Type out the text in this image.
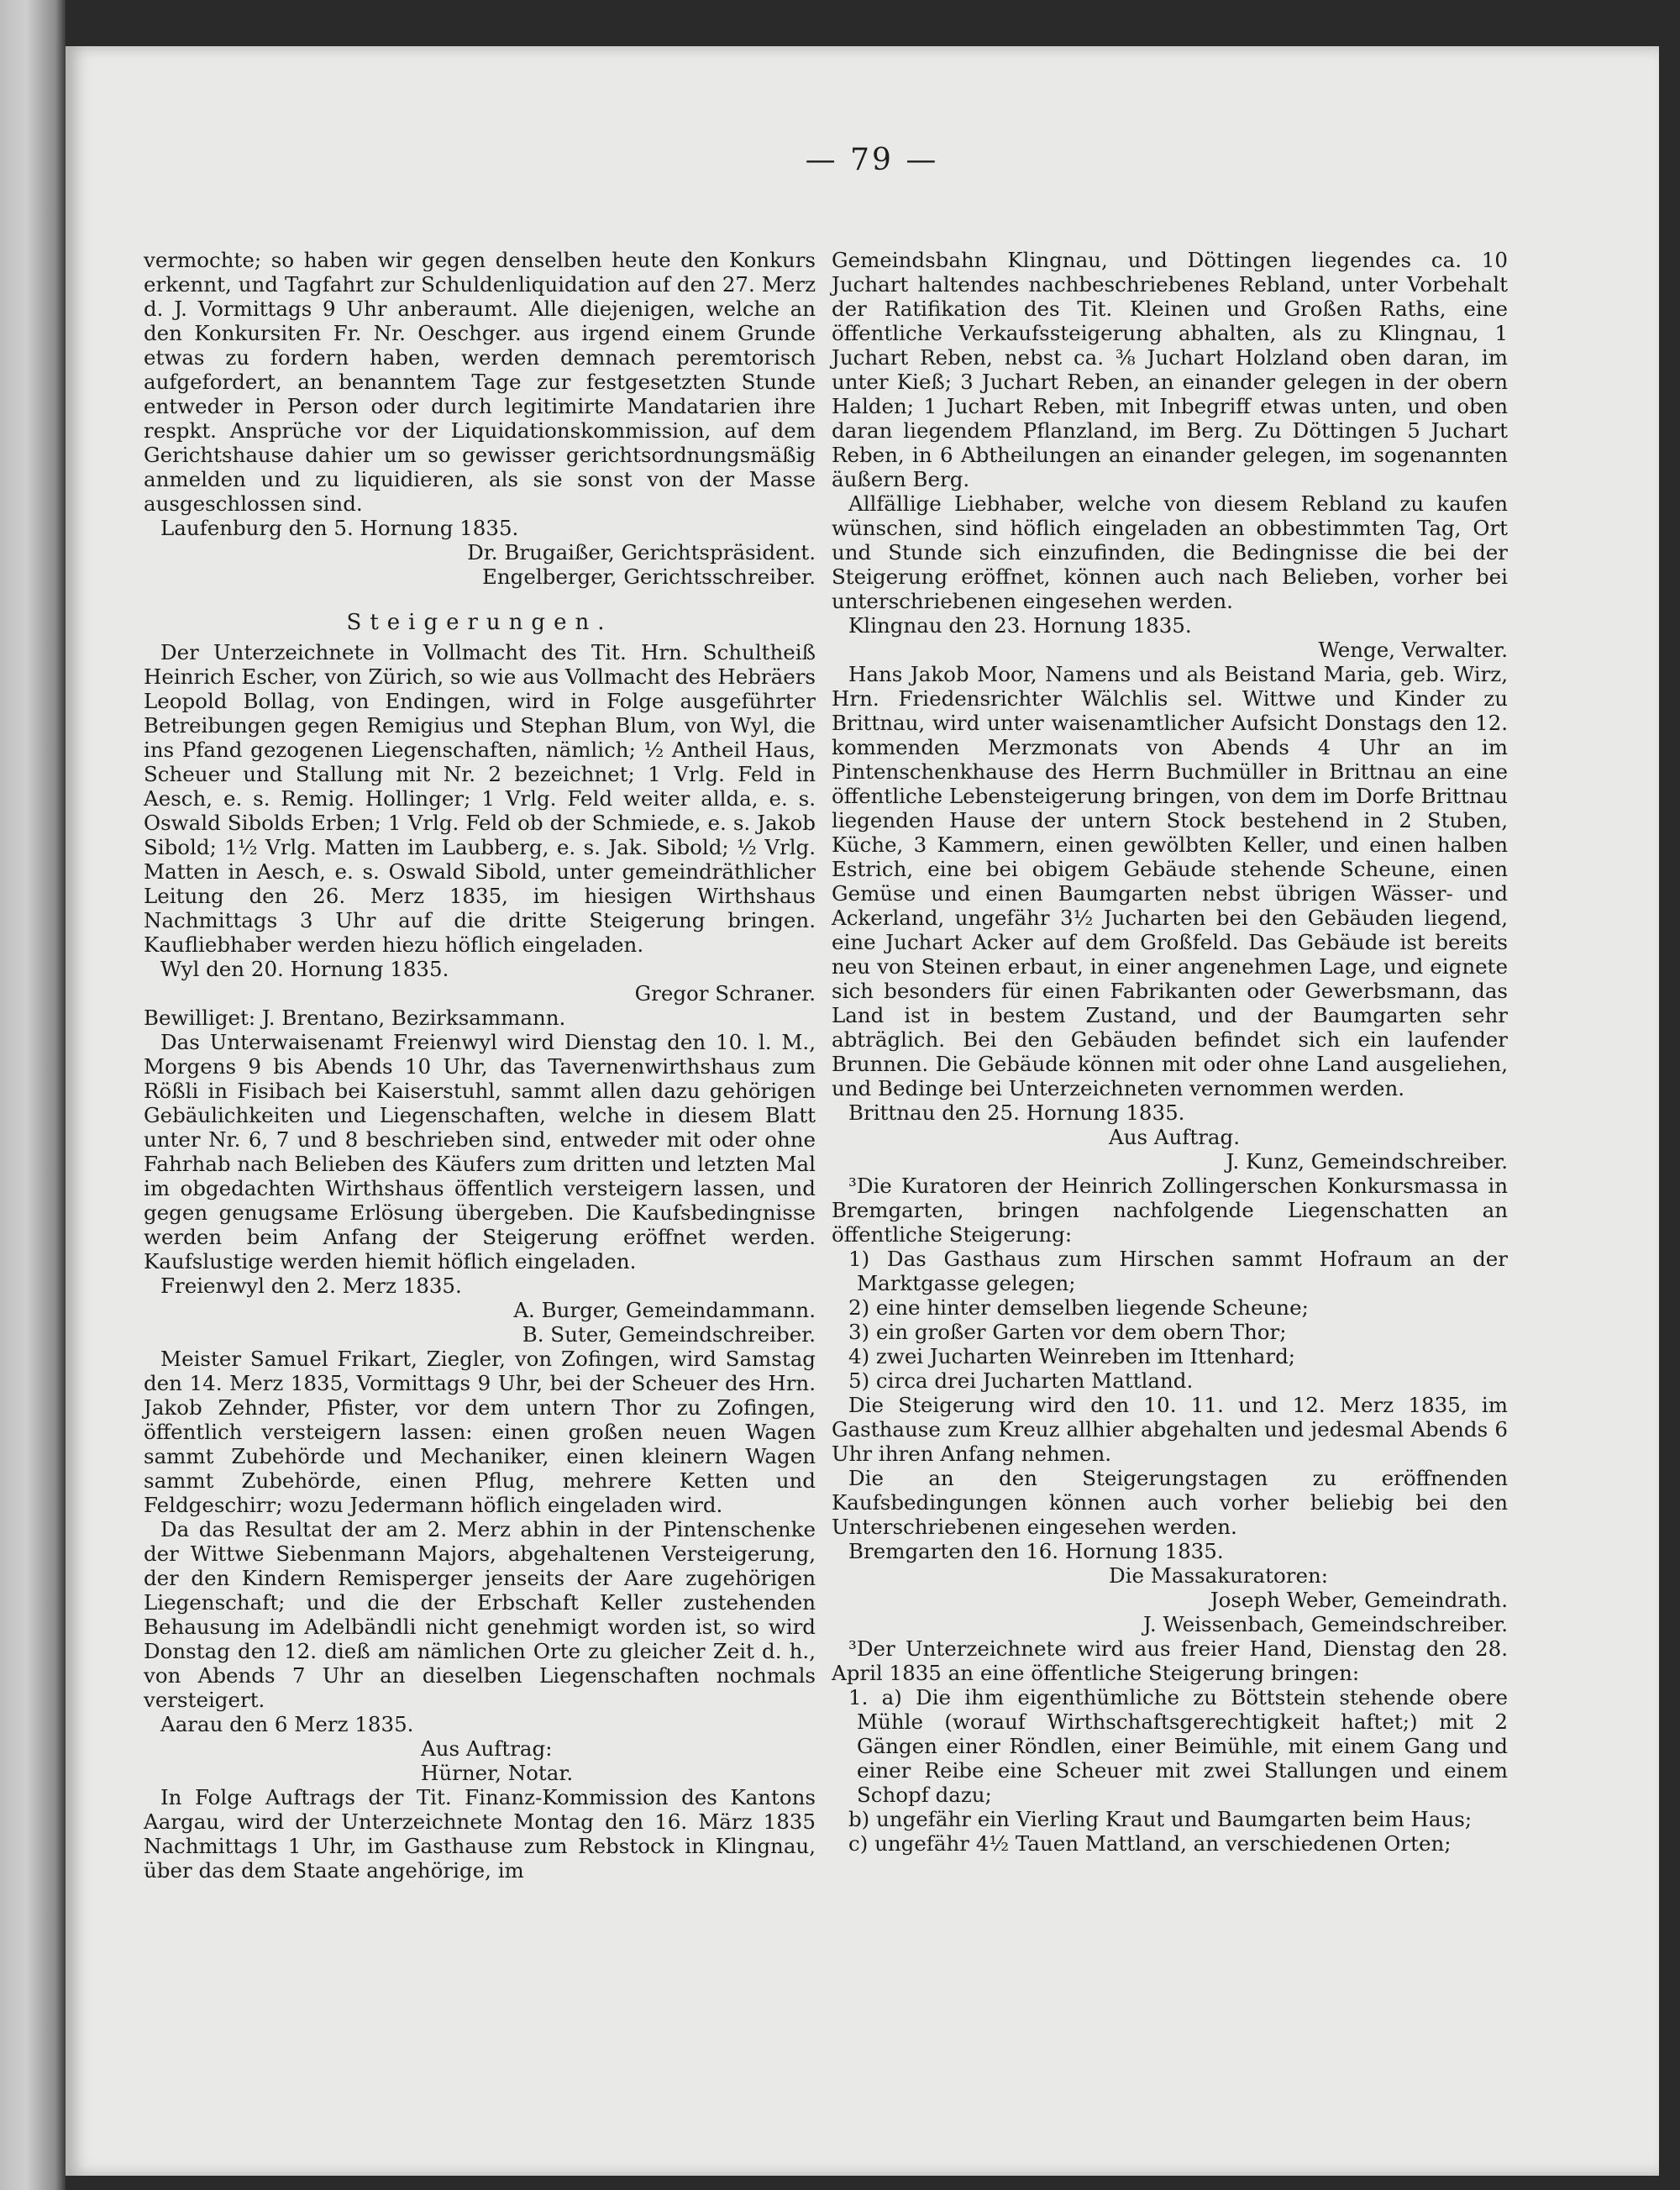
— 79 —

vermochte; so haben wir gegen denselben heute den Konkurs erkennt, und Tagfahrt zur Schuldenliquidation auf den 27. Merz d. J. Vormittags 9 Uhr anberaumt. Alle diejenigen, welche an den Konkursiten Fr. Nr. Oeschger. aus irgend einem Grunde etwas zu fordern haben, werden demnach peremtorisch aufgefordert, an benanntem Tage zur festgesetzten Stunde entweder in Person oder durch legitimirte Mandatarien ihre respkt. Ansprüche vor der Liquidationskommission, auf dem Gerichtshause dahier um so gewisser gerichtsordnungsmäßig anmelden und zu liquidieren, als sie sonst von der Masse ausgeschlossen sind.

Laufenburg den 5. Hornung 1835.
Dr. Brugaißer, Gerichtspräsident.
Engelberger, Gerichtsschreiber.
Steigerungen.

Der Unterzeichnete in Vollmacht des Tit. Hrn. Schultheiß Heinrich Escher, von Zürich, so wie aus Vollmacht des Hebräers Leopold Bollag, von Endingen, wird in Folge ausgeführter Betreibungen gegen Remigius und Stephan Blum, von Wyl, die ins Pfand gezogenen Liegenschaften, nämlich; ½ Antheil Haus, Scheuer und Stallung mit Nr. 2 bezeichnet; 1 Vrlg. Feld in Aesch, e. s. Remig. Hollinger; 1 Vrlg. Feld weiter allda, e. s. Oswald Sibolds Erben; 1 Vrlg. Feld ob der Schmiede, e. s. Jakob Sibold; 1½ Vrlg. Matten im Laubberg, e. s. Jak. Sibold; ½ Vrlg. Matten in Aesch, e. s. Oswald Sibold, unter gemeindräthlicher Leitung den 26. Merz 1835, im hiesigen Wirthshaus Nachmittags 3 Uhr auf die dritte Steigerung bringen. Kaufliebhaber werden hiezu höflich eingeladen.

Wyl den 20. Hornung 1835.
Gregor Schraner.
Bewilliget: J. Brentano, Bezirksammann.

Das Unterwaisenamt Freienwyl wird Dienstag den 10. l. M., Morgens 9 bis Abends 10 Uhr, das Tavernenwirthshaus zum Rößli in Fisibach bei Kaiserstuhl, sammt allen dazu gehörigen Gebäulichkeiten und Liegenschaften, welche in diesem Blatt unter Nr. 6, 7 und 8 beschrieben sind, entweder mit oder ohne Fahrhab nach Belieben des Käufers zum dritten und letzten Mal im obgedachten Wirthshaus öffentlich versteigern lassen, und gegen genugsame Erlösung übergeben. Die Kaufsbedingnisse werden beim Anfang der Steigerung eröffnet werden. Kaufslustige werden hiemit höflich eingeladen.

Freienwyl den 2. Merz 1835.
A. Burger, Gemeindammann.
B. Suter, Gemeindschreiber.

Meister Samuel Frikart, Ziegler, von Zofingen, wird Samstag den 14. Merz 1835, Vormittags 9 Uhr, bei der Scheuer des Hrn. Jakob Zehnder, Pfister, vor dem untern Thor zu Zofingen, öffentlich versteigern lassen: einen großen neuen Wagen sammt Zubehörde und Mechaniker, einen kleinern Wagen sammt Zubehörde, einen Pflug, mehrere Ketten und Feldgeschirr; wozu Jedermann höflich eingeladen wird.

Da das Resultat der am 2. Merz abhin in der Pintenschenke der Wittwe Siebenmann Majors, abgehaltenen Versteigerung, der den Kindern Remisperger jenseits der Aare zugehörigen Liegenschaft; und die der Erbschaft Keller zustehenden Behausung im Adelbändli nicht genehmigt worden ist, so wird Donstag den 12. dieß am nämlichen Orte zu gleicher Zeit d. h., von Abends 7 Uhr an dieselben Liegenschaften nochmals versteigert.

Aarau den 6 Merz 1835.
Aus Auftrag:
Hürner, Notar.

In Folge Auftrags der Tit. Finanz-Kommission des Kantons Aargau, wird der Unterzeichnete Montag den 16. März 1835 Nachmittags 1 Uhr, im Gasthause zum Rebstock in Klingnau, über das dem Staate angehörige, im

Gemeindsbahn Klingnau, und Döttingen liegendes ca. 10 Juchart haltendes nachbeschriebenes Rebland, unter Vorbehalt der Ratifikation des Tit. Kleinen und Großen Raths, eine öffentliche Verkaufssteigerung abhalten, als zu Klingnau, 1 Juchart Reben, nebst ca. ⅜ Juchart Holzland oben daran, im unter Kieß; 3 Juchart Reben, an einander gelegen in der obern Halden; 1 Juchart Reben, mit Inbegriff etwas unten, und oben daran liegendem Pflanzland, im Berg. Zu Döttingen 5 Juchart Reben, in 6 Abtheilungen an einander gelegen, im sogenannten äußern Berg.

Allfällige Liebhaber, welche von diesem Rebland zu kaufen wünschen, sind höflich eingeladen an obbestimmten Tag, Ort und Stunde sich einzufinden, die Bedingnisse die bei der Steigerung eröffnet, können auch nach Belieben, vorher bei unterschriebenen eingesehen werden.

Klingnau den 23. Hornung 1835.
Wenge, Verwalter.

Hans Jakob Moor, Namens und als Beistand Maria, geb. Wirz, Hrn. Friedensrichter Wälchlis sel. Wittwe und Kinder zu Brittnau, wird unter waisenamtlicher Aufsicht Donstags den 12. kommenden Merzmonats von Abends 4 Uhr an im Pintenschenkhause des Herrn Buchmüller in Brittnau an eine öffentliche Lebensteigerung bringen, von dem im Dorfe Brittnau liegenden Hause der untern Stock bestehend in 2 Stuben, Küche, 3 Kammern, einen gewölbten Keller, und einen halben Estrich, eine bei obigem Gebäude stehende Scheune, einen Gemüse und einen Baumgarten nebst übrigen Wässer- und Ackerland, ungefähr 3½ Jucharten bei den Gebäuden liegend, eine Juchart Acker auf dem Großfeld. Das Gebäude ist bereits neu von Steinen erbaut, in einer angenehmen Lage, und eignete sich besonders für einen Fabrikanten oder Gewerbsmann, das Land ist in bestem Zustand, und der Baumgarten sehr abträglich. Bei den Gebäuden befindet sich ein laufender Brunnen. Die Gebäude können mit oder ohne Land ausgeliehen, und Bedinge bei Unterzeichneten vernommen werden.

Brittnau den 25. Hornung 1835.
Aus Auftrag.
J. Kunz, Gemeindschreiber.

³Die Kuratoren der Heinrich Zollingerschen Konkursmassa in Bremgarten, bringen nachfolgende Liegenschatten an öffentliche Steigerung:

1) Das Gasthaus zum Hirschen sammt Hofraum an der Marktgasse gelegen;
2) eine hinter demselben liegende Scheune;
3) ein großer Garten vor dem obern Thor;
4) zwei Jucharten Weinreben im Ittenhard;
5) circa drei Jucharten Mattland.

Die Steigerung wird den 10. 11. und 12. Merz 1835, im Gasthause zum Kreuz allhier abgehalten und jedesmal Abends 6 Uhr ihren Anfang nehmen.

Die an den Steigerungstagen zu eröffnenden Kaufsbedingungen können auch vorher beliebig bei den Unterschriebenen eingesehen werden.

Bremgarten den 16. Hornung 1835.
Die Massakuratoren:
Joseph Weber, Gemeindrath.
J. Weissenbach, Gemeindschreiber.

³Der Unterzeichnete wird aus freier Hand, Dienstag den 28. April 1835 an eine öffentliche Steigerung bringen:

1. a) Die ihm eigenthümliche zu Böttstein stehende obere Mühle (worauf Wirthschaftsgerechtigkeit haftet;) mit 2 Gängen einer Röndlen, einer Beimühle, mit einem Gang und einer Reibe eine Scheuer mit zwei Stallungen und einem Schopf dazu;
b) ungefähr ein Vierling Kraut und Baumgarten beim Haus;
c) ungefähr 4½ Tauen Mattland, an verschiedenen Orten;
